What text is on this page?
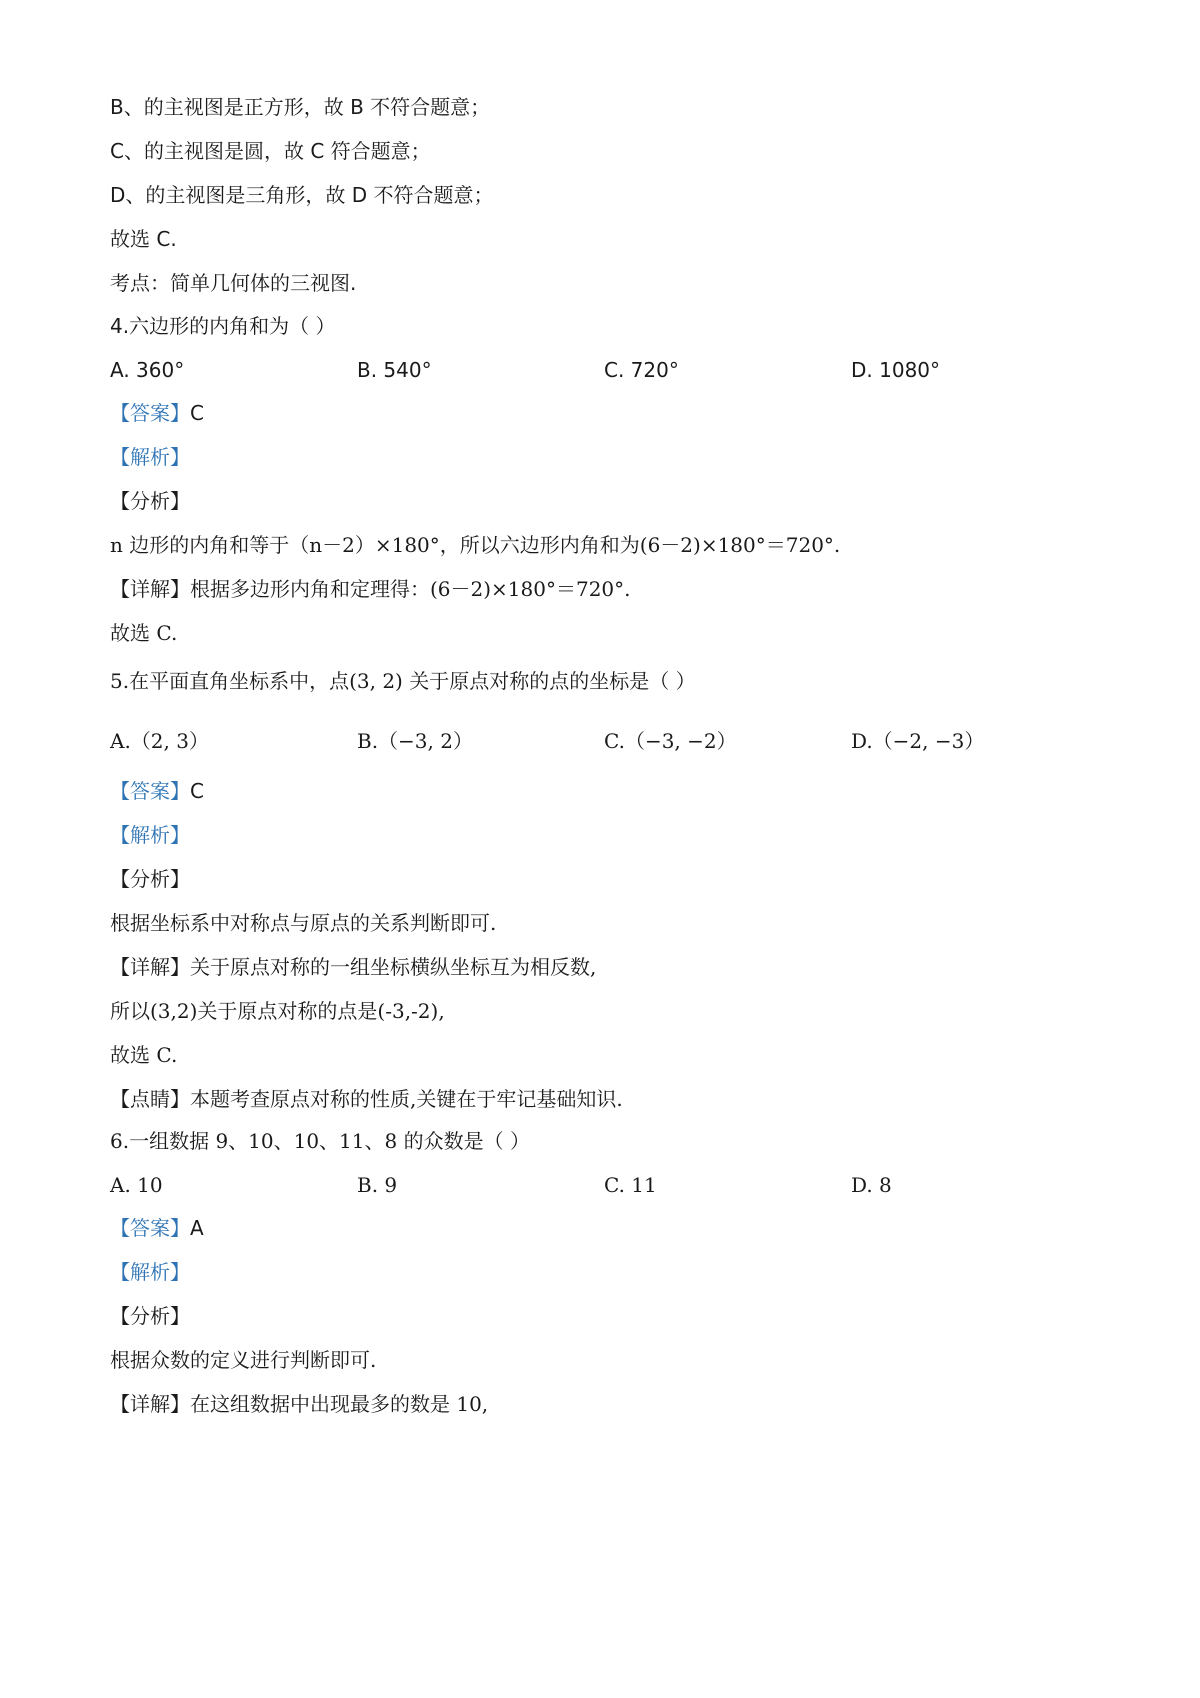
B、的主视图是正方形，故 B 不符合题意；
C、的主视图是圆，故 C 符合题意；
D、的主视图是三角形，故 D 不符合题意；
故选 C.
考点：简单几何体的三视图.
4.六边形的内角和为（ ）
A. 360°	B. 540°	C. 720°	D. 1080°
【答案】C
【解析】
【分析】
n 边形的内角和等于（n－2）×180°，所以六边形内角和为(6－2)×180°＝720°.
【详解】根据多边形内角和定理得：(6－2)×180°＝720°.
故选 C.
5.在平面直角坐标系中，点(3, 2) 关于原点对称的点的坐标是（ ）
A.（2, 3）	B.（−3, 2）	C.（−3, −2）	D.（−2, −3）
【答案】C
【解析】
【分析】
根据坐标系中对称点与原点的关系判断即可.
【详解】关于原点对称的一组坐标横纵坐标互为相反数,
所以(3,2)关于原点对称的点是(-3,-2),
故选 C.
【点睛】本题考查原点对称的性质,关键在于牢记基础知识.
6.一组数据 9、10、10、11、8 的众数是（ ）
A. 10	B. 9	C. 11	D. 8
【答案】A
【解析】
【分析】
根据众数的定义进行判断即可.
【详解】在这组数据中出现最多的数是 10,
